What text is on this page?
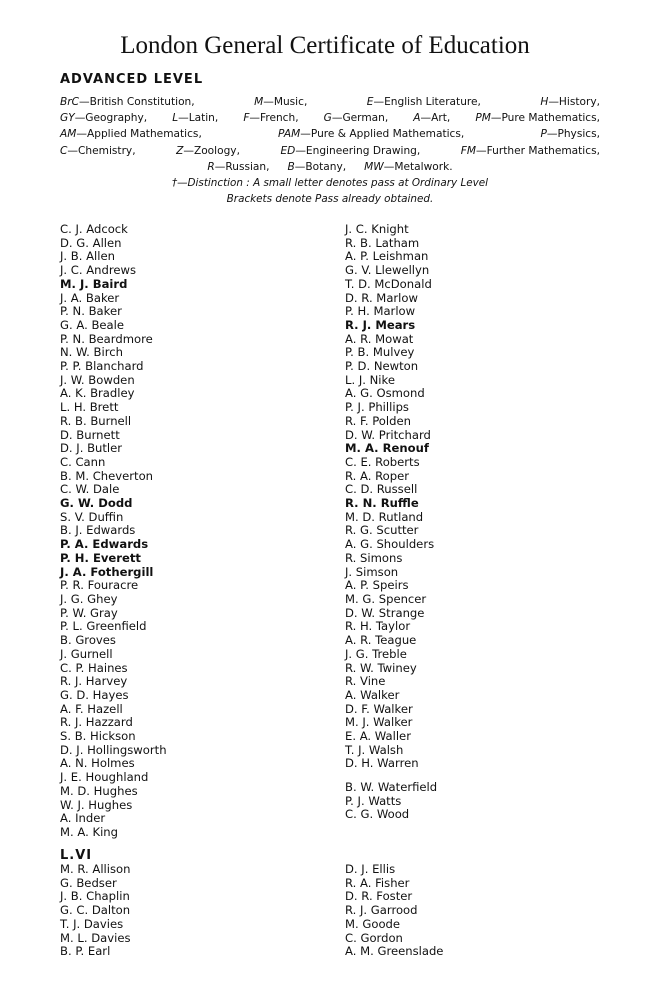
London General Certificate of Education
ADVANCED LEVEL
BrC—British Constitution,	M—Music,	E—English Literature,	H—History,
GY—Geography, L—Latin, F—French, G—German, A—Art, PM—Pure Mathematics,
AM—Applied Mathematics,	PAM—Pure & Applied Mathematics,	P—Physics,
C—Chemistry,	Z—Zoology,	ED—Engineering Drawing,	FM—Further Mathematics,
R—Russian, B—Botany, MW—Metalwork.
†—Distinction : A small letter denotes pass at Ordinary Level
Brackets denote Pass already obtained.
C. J. Adcock
D. G. Allen
J. B. Allen
J. C. Andrews
M. J. Baird
J. A. Baker
P. N. Baker
G. A. Beale
P. N. Beardmore
N. W. Birch
P. P. Blanchard
J. W. Bowden
A. K. Bradley
L. H. Brett
R. B. Burnell
D. Burnett
D. J. Butler
C. Cann
B. M. Cheverton
C. W. Dale
G. W. Dodd
S. V. Duffin
B. J. Edwards
P. A. Edwards
P. H. Everett
J. A. Fothergill
P. R. Fouracre
J. G. Ghey
P. W. Gray
P. L. Greenfield
B. Groves
J. Gurnell
C. P. Haines
R. J. Harvey
G. D. Hayes
A. F. Hazell
R. J. Hazzard
S. B. Hickson
D. J. Hollingsworth
A. N. Holmes
J. E. Houghland
M. D. Hughes
W. J. Hughes
A. Inder
M. A. King
J. C. Knight
R. B. Latham
A. P. Leishman
G. V. Llewellyn
T. D. McDonald
D. R. Marlow
P. H. Marlow
R. J. Mears
A. R. Mowat
P. B. Mulvey
P. D. Newton
L. J. Nike
A. G. Osmond
P. J. Phillips
R. F. Polden
D. W. Pritchard
M. A. Renouf
C. E. Roberts
R. A. Roper
C. D. Russell
R. N. Ruffle
M. D. Rutland
R. G. Scutter
A. G. Shoulders
R. Simons
J. Simson
A. P. Speirs
M. G. Spencer
D. W. Strange
R. H. Taylor
A. R. Teague
J. G. Treble
R. W. Twiney
R. Vine
A. Walker
D. F. Walker
M. J. Walker
E. A. Waller
T. J. Walsh
D. H. Warren
B. W. Waterfield
P. J. Watts
C. G. Wood
L.VI
M. R. Allison
G. Bedser
J. B. Chaplin
G. C. Dalton
T. J. Davies
M. L. Davies
B. P. Earl
D. J. Ellis
R. A. Fisher
D. R. Foster
R. J. Garrood
M. Goode
C. Gordon
A. M. Greenslade
